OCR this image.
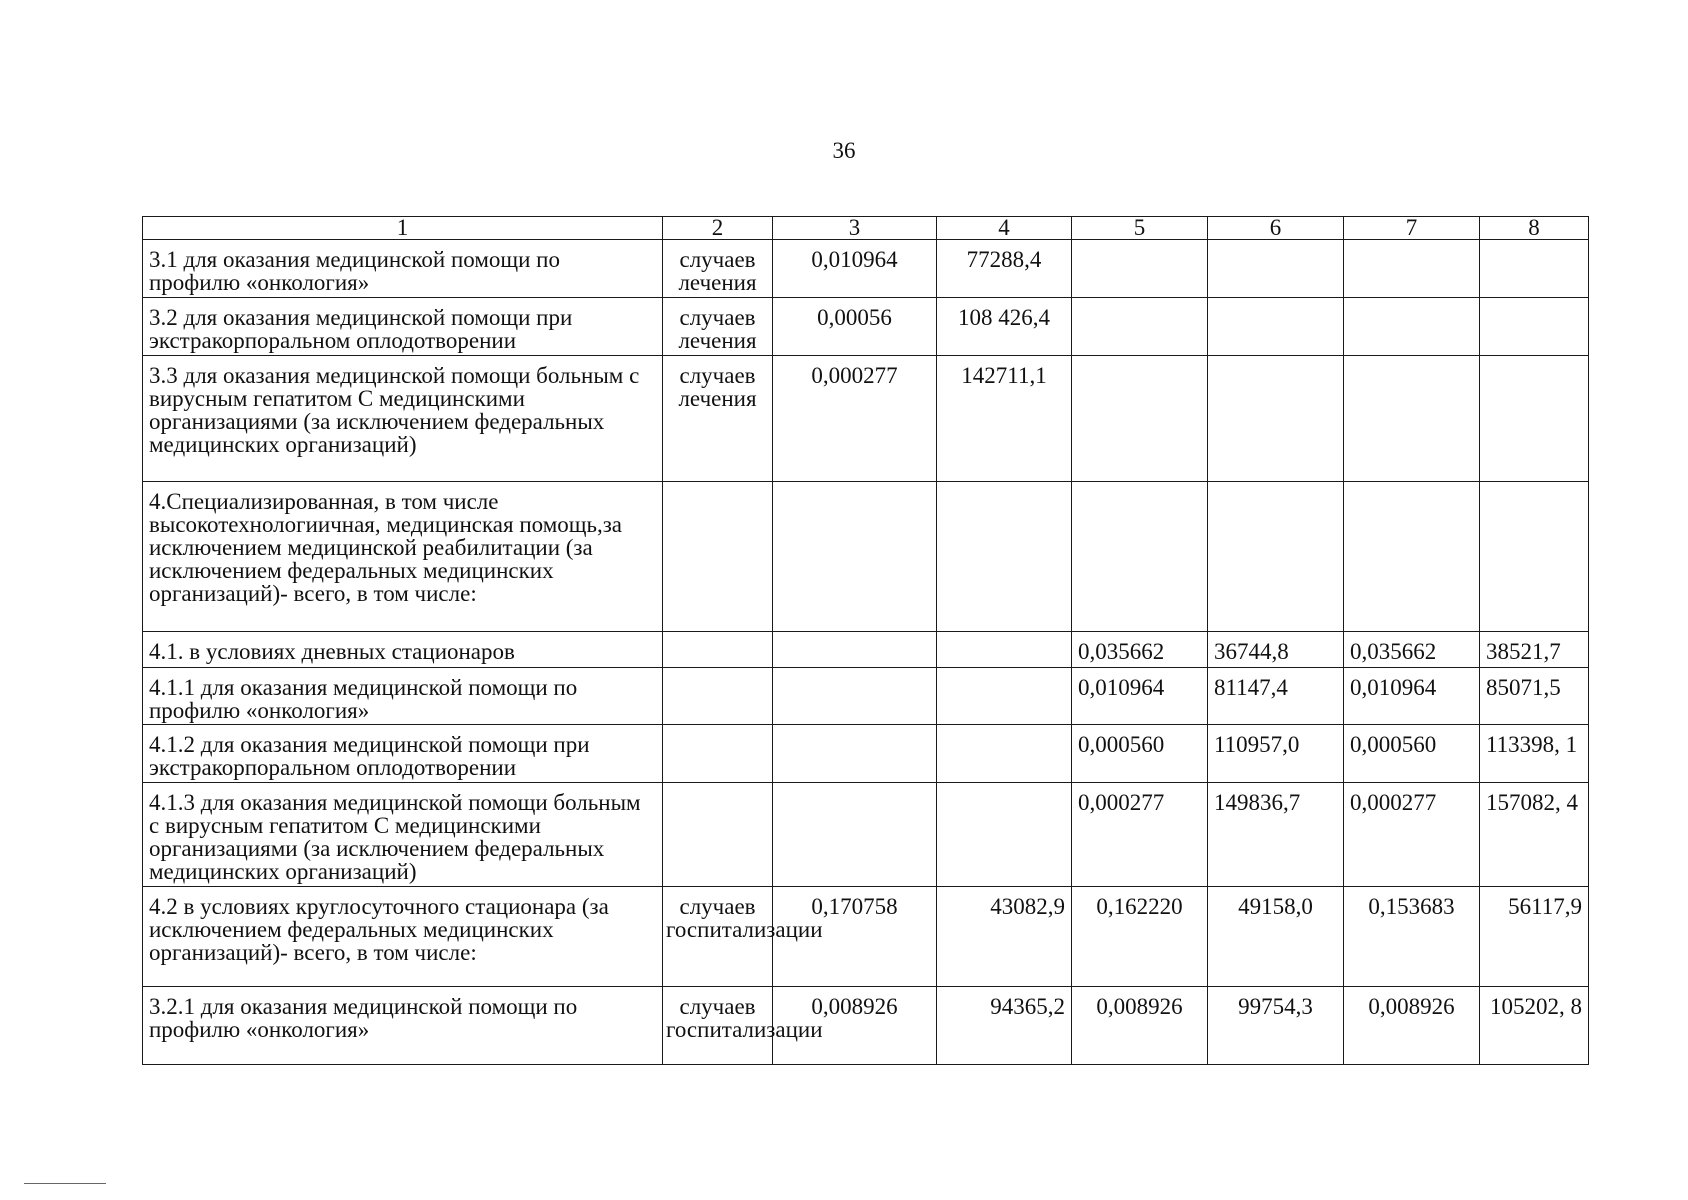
36
1	2	3	4	5	6	7	8
3.1 для оказания медицинской помощи по профилю «онкология»	случаев лечения	0,010964	77288,4				
3.2 для оказания медицинской помощи при экстракорпоральном оплодотворении	случаев лечения	0,00056	108 426,4				
3.3 для оказания медицинской помощи больным с вирусным гепатитом С медицинскими организациями (за исключением федеральных медицинских организаций)	случаев лечения	0,000277	142711,1				
4.Специализированная, в том числе высокотехнологиичная, медицинская помощь,за исключением медицинской реабилитации (за исключением федеральных медицинских организаций)- всего, в том числе:							
4.1. в условиях дневных стационаров				0,035662	36744,8	0,035662	38521,7
4.1.1 для оказания медицинской помощи по профилю «онкология»				0,010964	81147,4	0,010964	85071,5
4.1.2 для оказания медицинской помощи при экстракорпоральном оплодотворении				0,000560	110957,0	0,000560	113398, 1
4.1.3 для оказания медицинской помощи больным с вирусным гепатитом С медицинскими организациями (за исключением федеральных медицинских организаций)				0,000277	149836,7	0,000277	157082, 4
4.2 в условиях круглосуточного стационара (за исключением федеральных медицинских организаций)- всего, в том числе:	случаев госпитализации	0,170758	43082,9	0,162220	49158,0	0,153683	56117,9
3.2.1 для оказания медицинской помощи по профилю «онкология»	случаев госпитализации	0,008926	94365,2	0,008926	99754,3	0,008926	105202, 8
